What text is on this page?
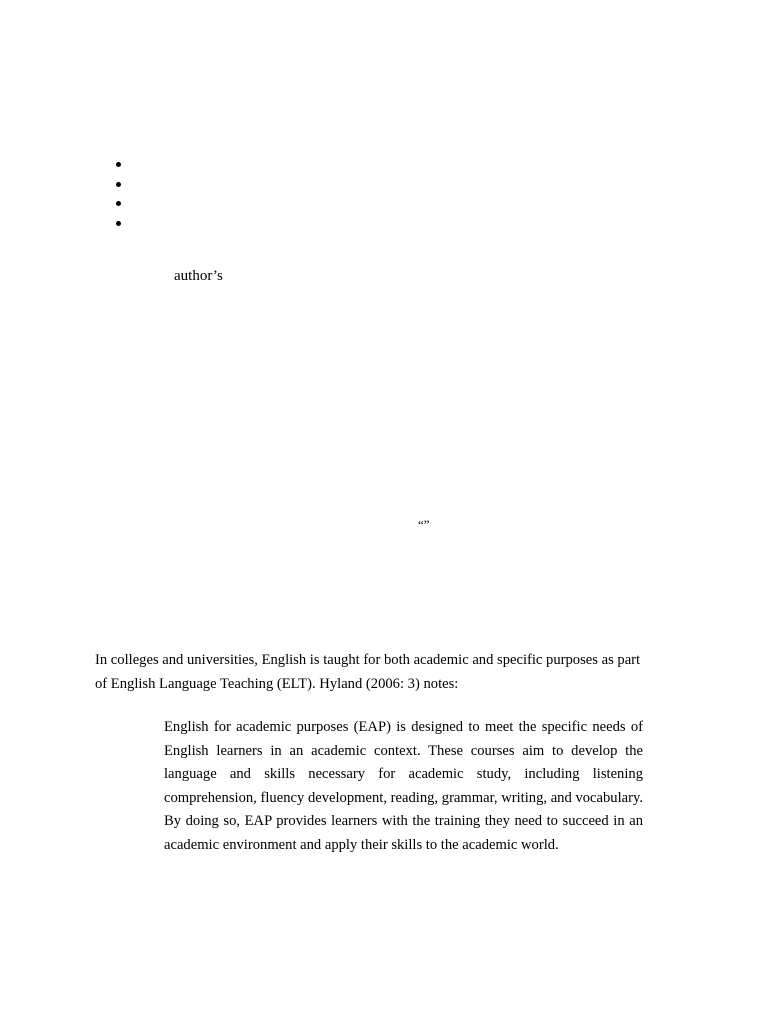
author’s
“”

In colleges and universities, English is taught for both academic and specific purposes as part
of English Language Teaching (ELT). Hyland (2006: 3) notes:

English for academic purposes (EAP) is designed to meet the specific needs of
English learners in an academic context. These courses aim to develop the
language and skills necessary for academic study, including listening
comprehension, fluency development, reading, grammar, writing, and vocabulary.
By doing so, EAP provides learners with the training they need to succeed in an
academic environment and apply their skills to the academic world.
